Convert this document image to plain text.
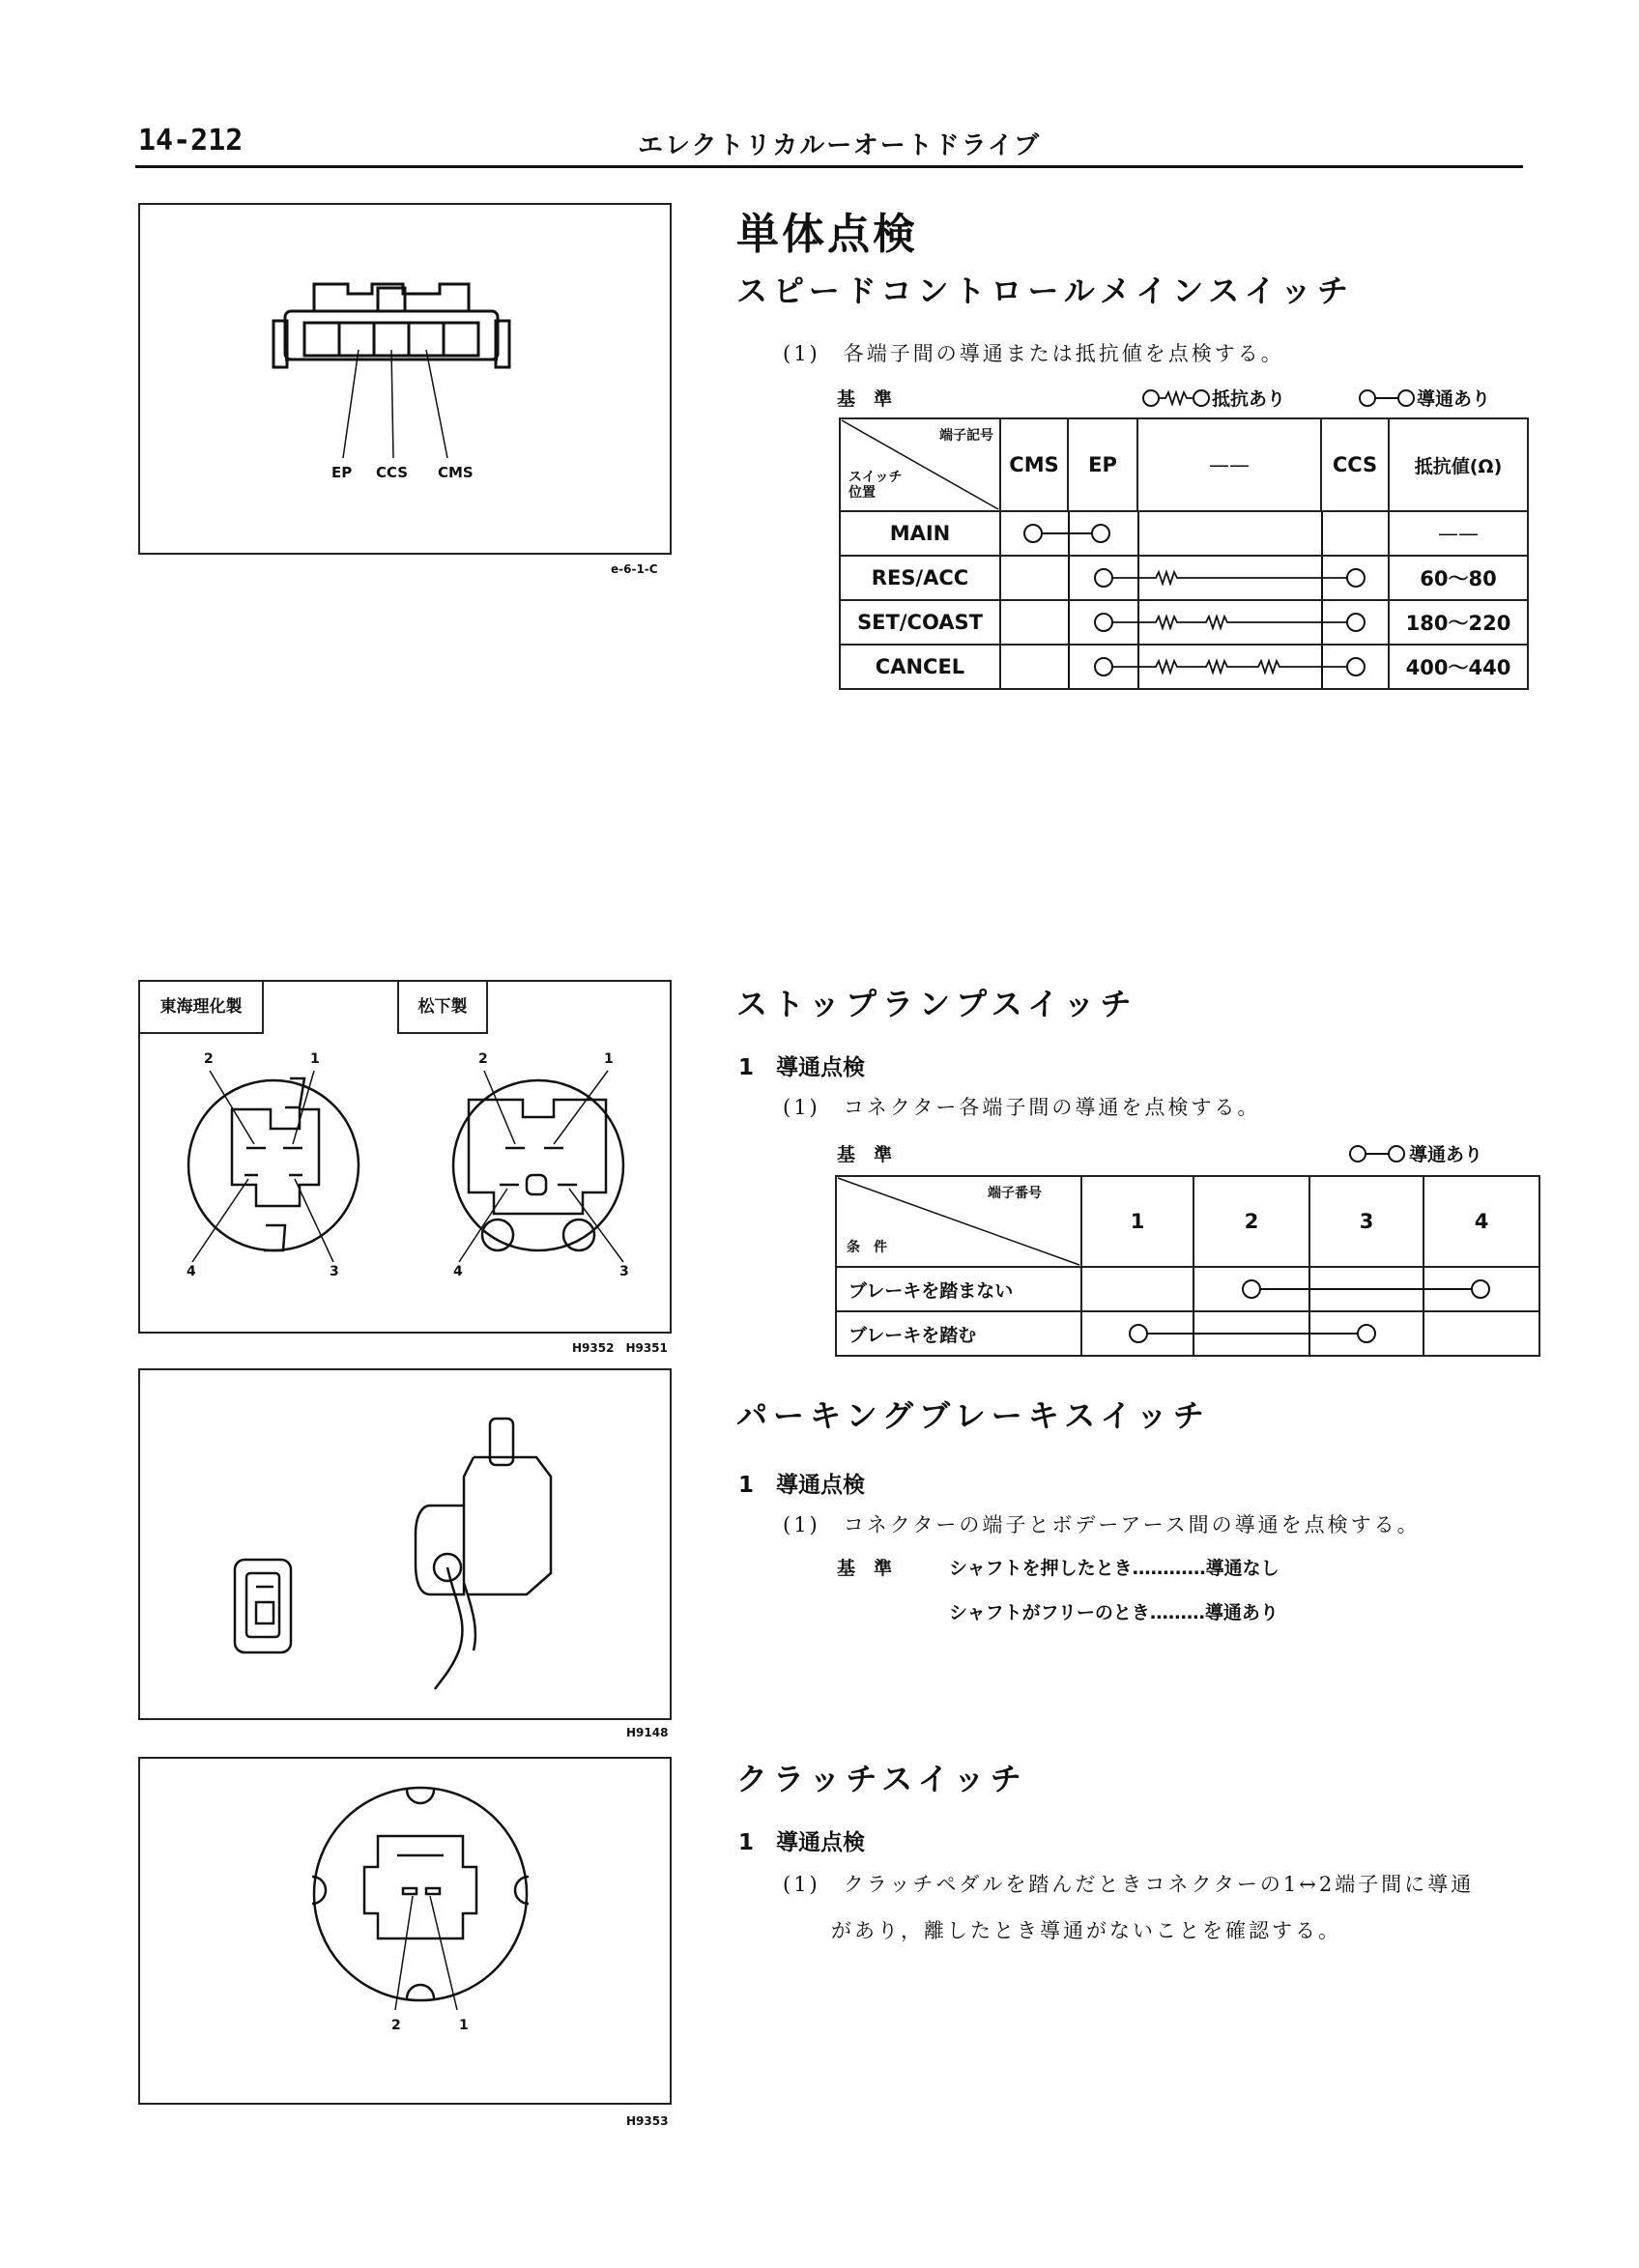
14-212	エレクトリカルーオートドライブ
EP CCS CMS
e-6-1-C
単体点検
スピードコントロールメインスイッチ
(1)　各端子間の導通または抵抗値を点検する。
基　準	抵抗あり	導通あり
端子記号
スイッチ
位置	CMS	EP	——	CCS	抵抗値(Ω)
MAIN					——
RES/ACC					60～80
SET/COAST					180～220
CANCEL					400～440
東海理化製	松下製
2	1
4	3
2	1
4	3
H9352　H9351
ストップランプスイッチ
1　導通点検
(1)　コネクター各端子間の導通を点検する。
基　準	導通あり
端子番号
条　件	1	2	3	4
ブレーキを踏まない	

ブレーキを踏む	
H9148
パーキングブレーキスイッチ
1　導通点検
(1)　コネクターの端子とボデーアース間の導通を点検する。
基　準	シャフトを押したとき…………導通なし
シャフトがフリーのとき………導通あり
2	1
H9353
クラッチスイッチ
1　導通点検
(1)　クラッチペダルを踏んだときコネクターの1↔2端子間に導通
があり，離したとき導通がないことを確認する。
